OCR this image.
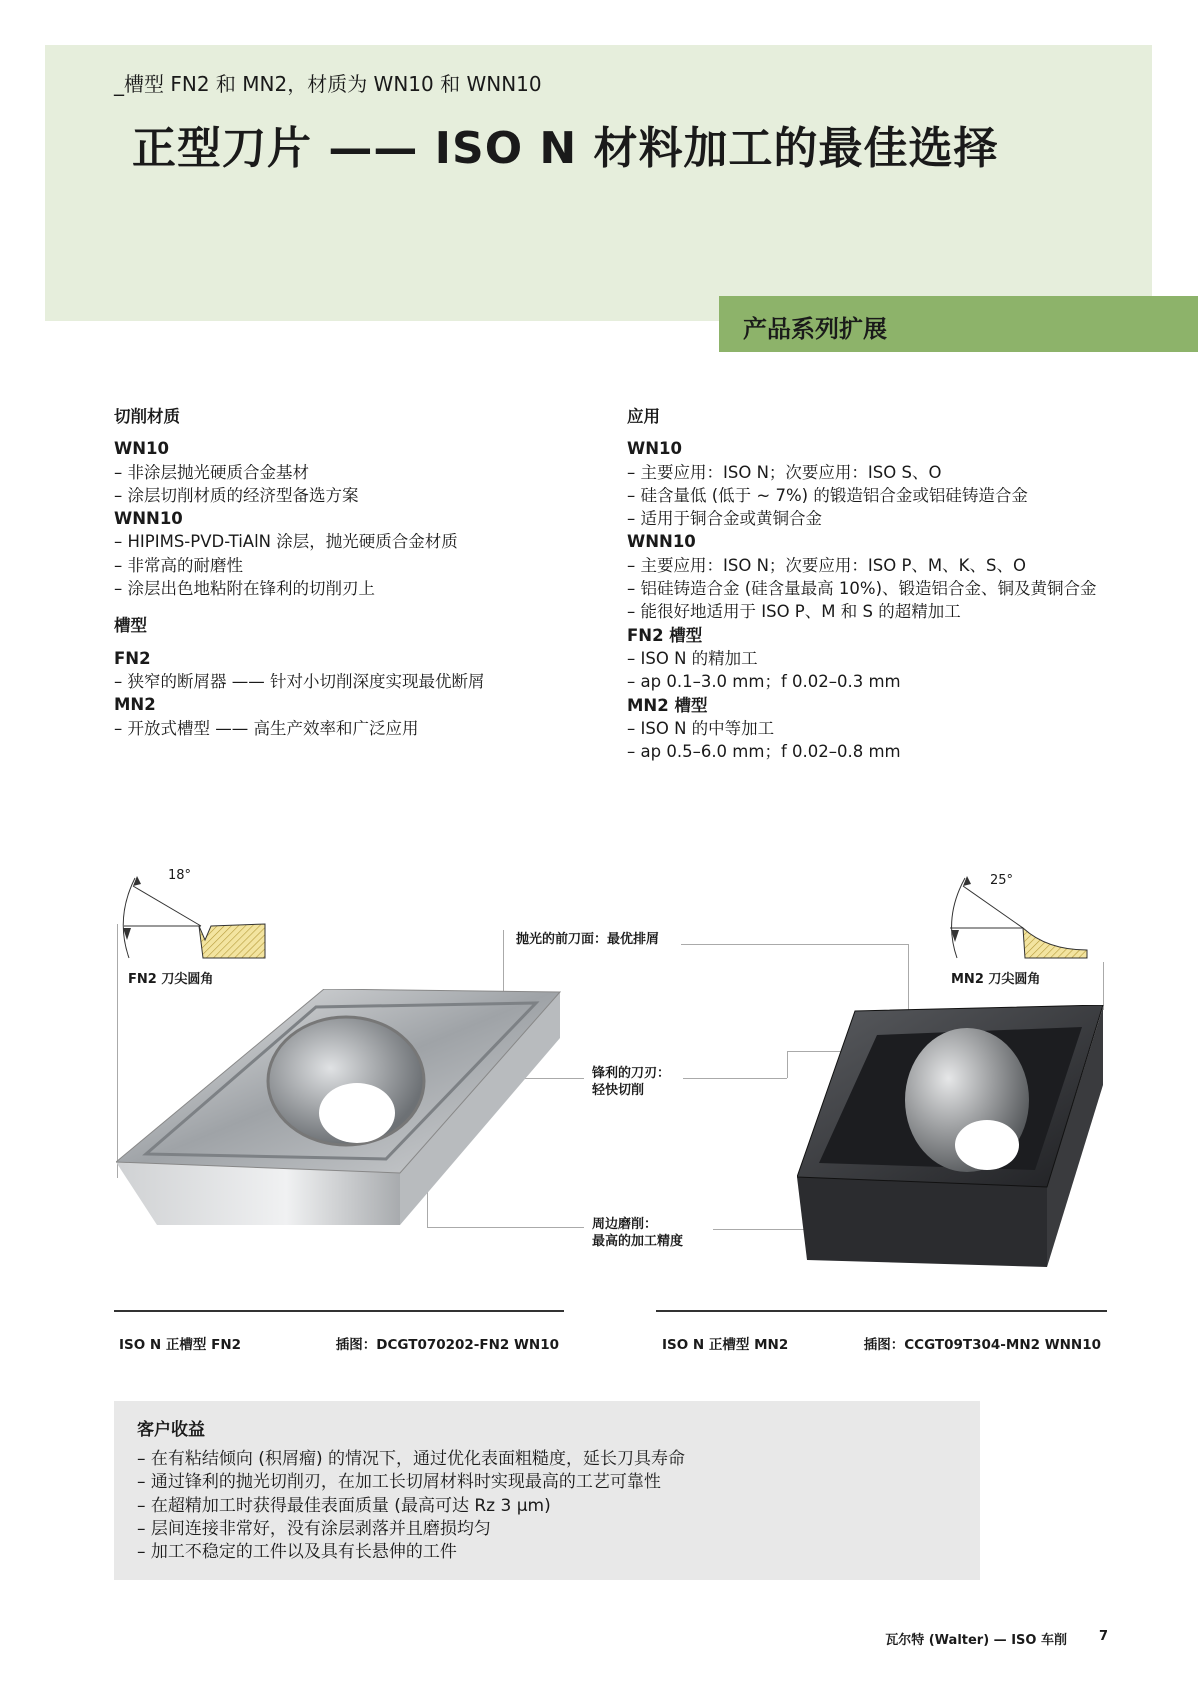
_槽型 FN2 和 MN2，材质为 WN10 和 WNN10
正型刀片 —— ISO N 材料加工的最佳选择
产品系列扩展
切削材质
WN10
– 非涂层抛光硬质合金基材
– 涂层切削材质的经济型备选方案
WNN10
– HIPIMS-PVD-TiAlN 涂层，抛光硬质合金材质
– 非常高的耐磨性
– 涂层出色地粘附在锋利的切削刃上
槽型
FN2
– 狭窄的断屑器 —— 针对小切削深度实现最优断屑
MN2
– 开放式槽型 —— 高生产效率和广泛应用
应用
WN10
– 主要应用：ISO N；次要应用：ISO S、O
– 硅含量低 (低于 ~ 7%) 的锻造铝合金或铝硅铸造合金
– 适用于铜合金或黄铜合金
WNN10
– 主要应用：ISO N；次要应用：ISO P、M、K、S、O
– 铝硅铸造合金 (硅含量最高 10%)、锻造铝合金、铜及黄铜合金
– 能很好地适用于 ISO P、M 和 S 的超精加工
FN2 槽型
– ISO N 的精加工
– ap 0.1–3.0 mm；f 0.02–0.3 mm
MN2 槽型
– ISO N 的中等加工
– ap 0.5–6.0 mm；f 0.02–0.8 mm
18°
FN2 刀尖圆角
25°
MN2 刀尖圆角
抛光的前刀面：最优排屑
锋利的刀刃：
轻快切削
周边磨削：
最高的加工精度
ISO N 正槽型 FN2	插图：DCGT070202-FN2 WN10	ISO N 正槽型 MN2	插图：CCGT09T304-MN2 WNN10
客户收益
– 在有粘结倾向 (积屑瘤) 的情况下，通过优化表面粗糙度，延长刀具寿命
– 通过锋利的抛光切削刃，在加工长切屑材料时实现最高的工艺可靠性
– 在超精加工时获得最佳表面质量 (最高可达 Rz 3 μm)
– 层间连接非常好，没有涂层剥落并且磨损均匀
– 加工不稳定的工件以及具有长悬伸的工件
瓦尔特 (Walter) — ISO 车削 7
